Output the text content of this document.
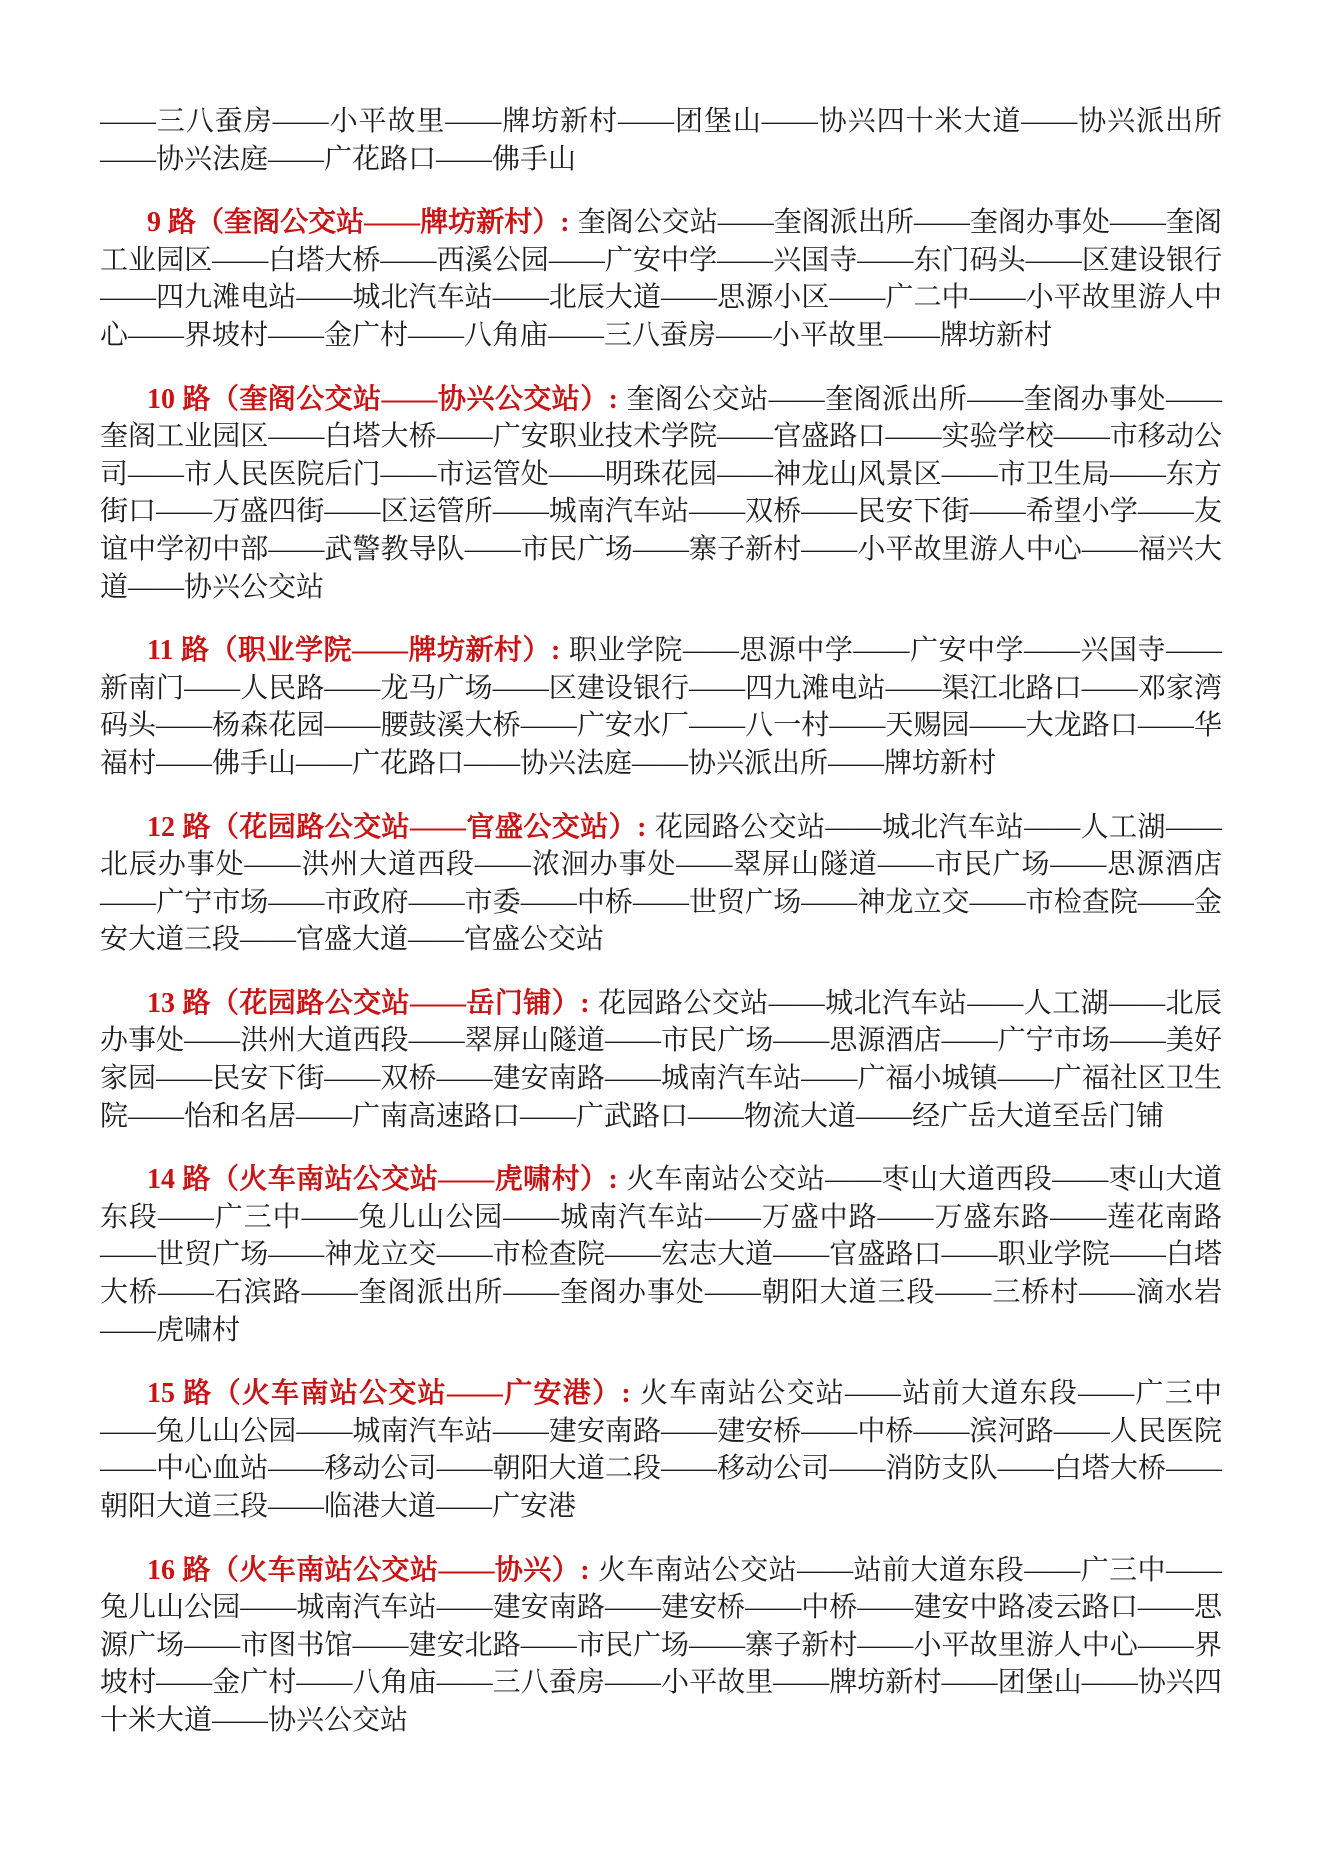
——三八蚕房——小平故里——牌坊新村——团堡山——协兴四十米大道——协兴派出所——协兴法庭——广花路口——佛手山

9 路（奎阁公交站——牌坊新村）: 奎阁公交站——奎阁派出所——奎阁办事处——奎阁工业园区——白塔大桥——西溪公园——广安中学——兴国寺——东门码头——区建设银行——四九滩电站——城北汽车站——北辰大道——思源小区——广二中——小平故里游人中心——界坡村——金广村——八角庙——三八蚕房——小平故里——牌坊新村

10 路（奎阁公交站——协兴公交站）: 奎阁公交站——奎阁派出所——奎阁办事处——奎阁工业园区——白塔大桥——广安职业技术学院——官盛路口——实验学校——市移动公司——市人民医院后门——市运管处——明珠花园——神龙山风景区——市卫生局——东方街口——万盛四街——区运管所——城南汽车站——双桥——民安下街——希望小学——友谊中学初中部——武警教导队——市民广场——寨子新村——小平故里游人中心——福兴大道——协兴公交站

11 路（职业学院——牌坊新村）: 职业学院——思源中学——广安中学——兴国寺——新南门——人民路——龙马广场——区建设银行——四九滩电站——渠江北路口——邓家湾码头——杨森花园——腰鼓溪大桥——广安水厂——八一村——天赐园——大龙路口——华福村——佛手山——广花路口——协兴法庭——协兴派出所——牌坊新村

12 路（花园路公交站——官盛公交站）: 花园路公交站——城北汽车站——人工湖——北辰办事处——洪州大道西段——浓洄办事处——翠屏山隧道——市民广场——思源酒店——广宁市场——市政府——市委——中桥——世贸广场——神龙立交——市检查院——金安大道三段——官盛大道——官盛公交站

13 路（花园路公交站——岳门铺）: 花园路公交站——城北汽车站——人工湖——北辰办事处——洪州大道西段——翠屏山隧道——市民广场——思源酒店——广宁市场——美好家园——民安下街——双桥——建安南路——城南汽车站——广福小城镇——广福社区卫生院——怡和名居——广南高速路口——广武路口——物流大道——经广岳大道至岳门铺

14 路（火车南站公交站——虎啸村）: 火车南站公交站——枣山大道西段——枣山大道东段——广三中——兔儿山公园——城南汽车站——万盛中路——万盛东路——莲花南路——世贸广场——神龙立交——市检查院——宏志大道——官盛路口——职业学院——白塔大桥——石滨路——奎阁派出所——奎阁办事处——朝阳大道三段——三桥村——滴水岩——虎啸村

15 路（火车南站公交站——广安港）: 火车南站公交站——站前大道东段——广三中——兔儿山公园——城南汽车站——建安南路——建安桥——中桥——滨河路——人民医院——中心血站——移动公司——朝阳大道二段——移动公司——消防支队——白塔大桥——朝阳大道三段——临港大道——广安港

16 路（火车南站公交站——协兴）: 火车南站公交站——站前大道东段——广三中——兔儿山公园——城南汽车站——建安南路——建安桥——中桥——建安中路凌云路口——思源广场——市图书馆——建安北路——市民广场——寨子新村——小平故里游人中心——界坡村——金广村——八角庙——三八蚕房——小平故里——牌坊新村——团堡山——协兴四十米大道——协兴公交站
